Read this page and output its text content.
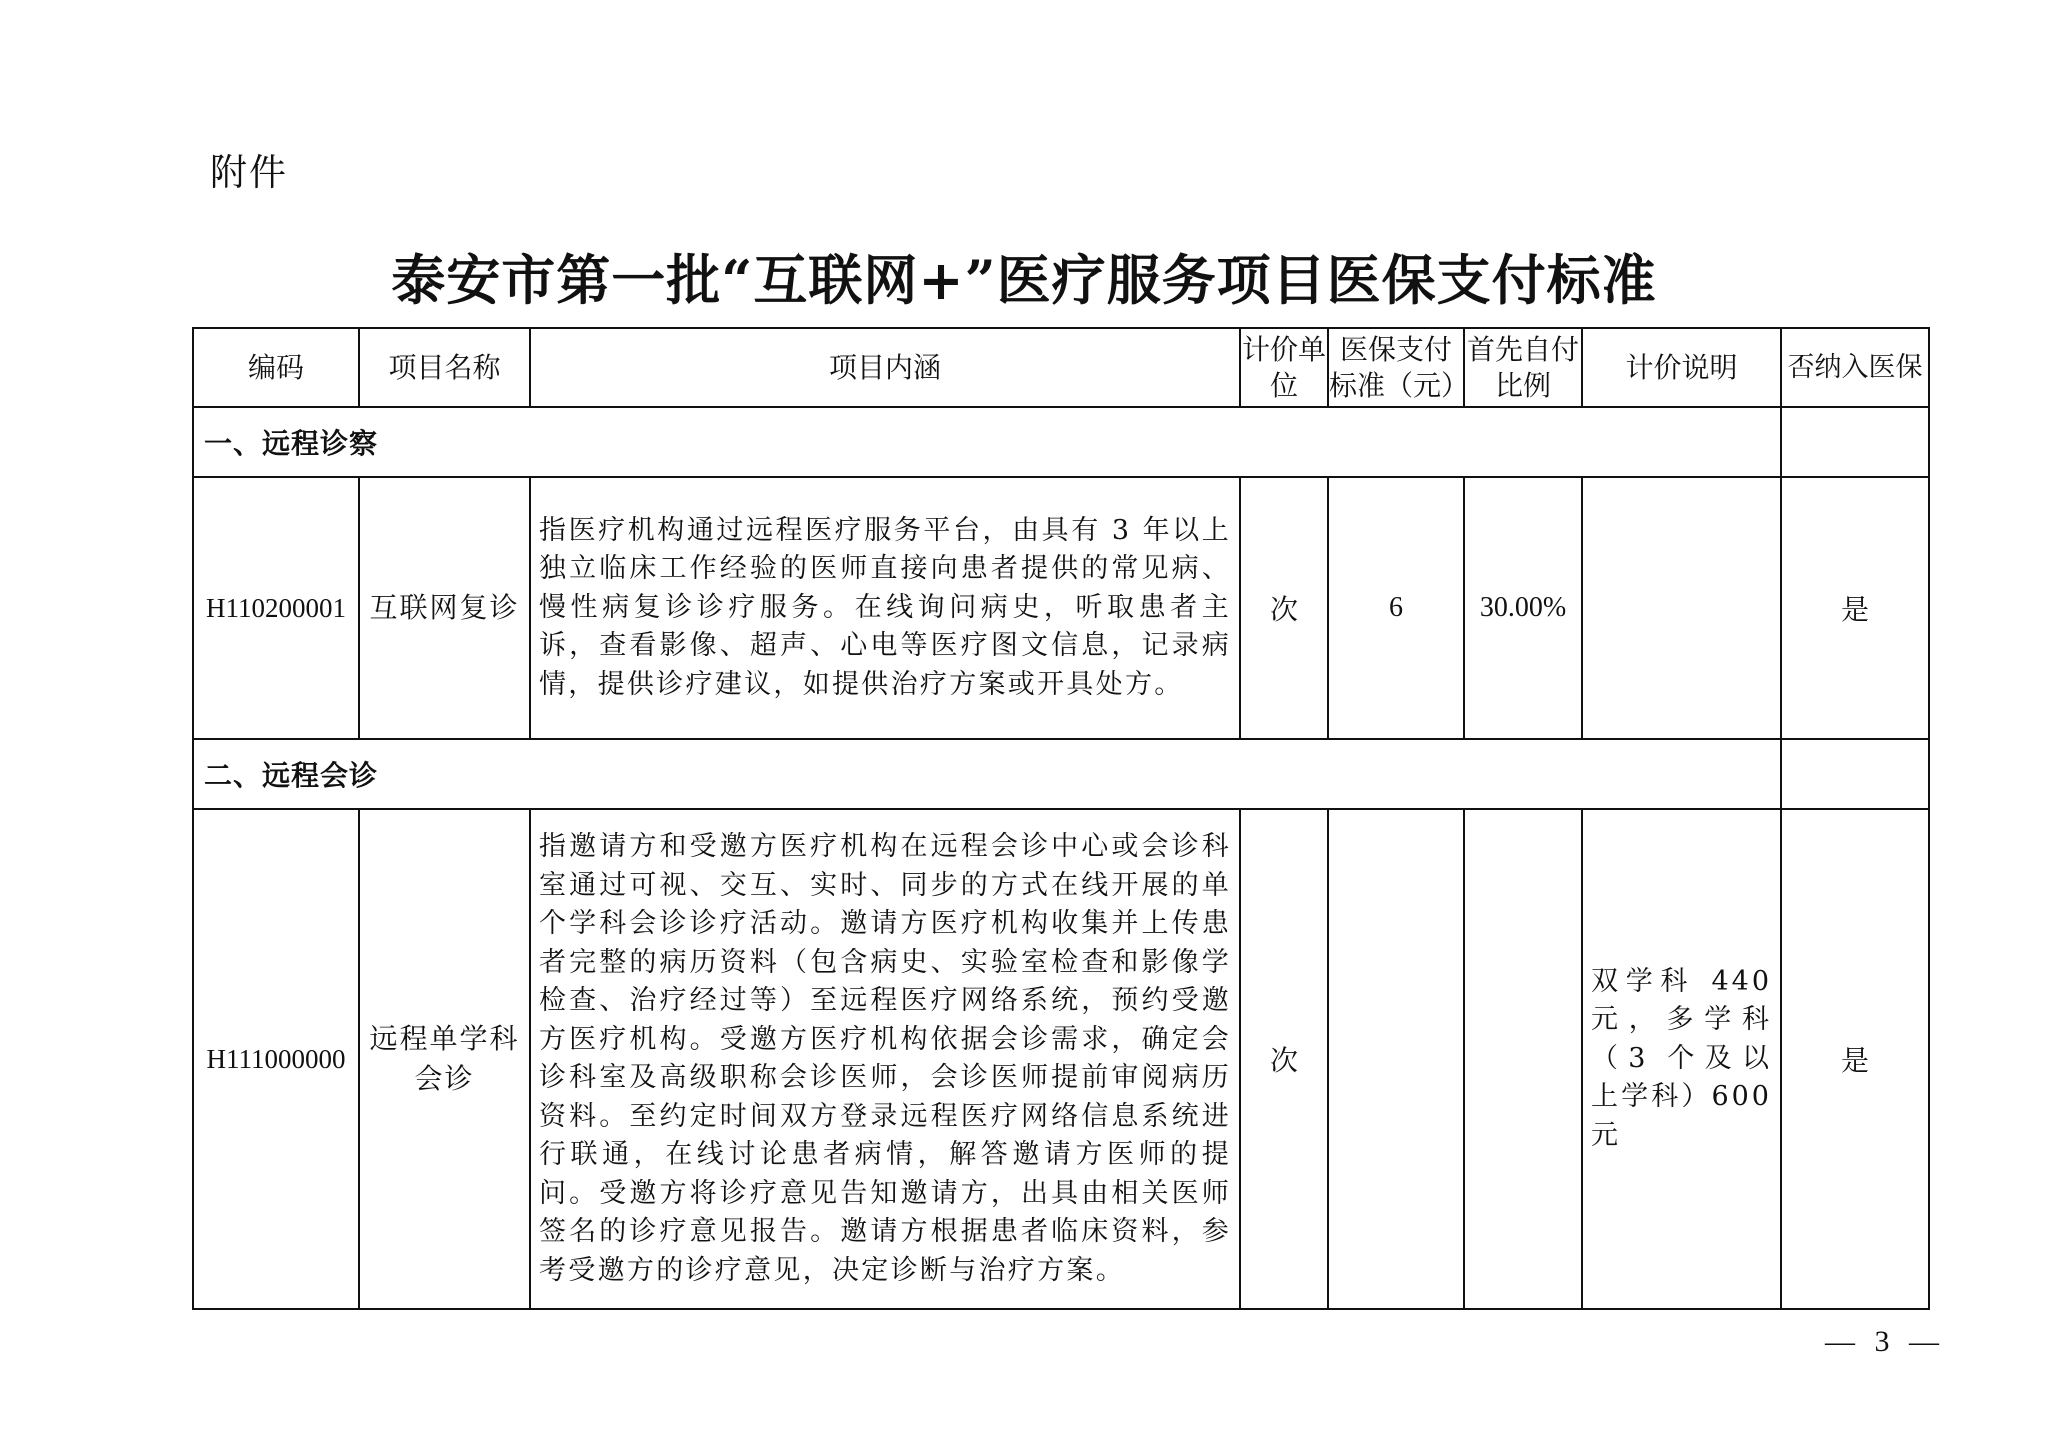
附件
泰安市第一批“互联网+”医疗服务项目医保支付标准
编码	项目名称	项目内涵	计价单位	医保支付标准（元）	首先自付比例	计价说明	否纳入医保
一、远程诊察							
H110200001	互联网复诊	指医疗机构通过远程医疗服务平台，由具有 3 年以上独立临床工作经验的医师直接向患者提供的常见病、慢性病复诊诊疗服务。在线询问病史，听取患者主诉，查看影像、超声、心电等医疗图文信息，记录病情，提供诊疗建议，如提供治疗方案或开具处方。	次	6	30.00%		是
二、远程会诊							
H111000000	远程单学科会诊	指邀请方和受邀方医疗机构在远程会诊中心或会诊科室通过可视、交互、实时、同步的方式在线开展的单个学科会诊诊疗活动。邀请方医疗机构收集并上传患者完整的病历资料（包含病史、实验室检查和影像学检查、治疗经过等）至远程医疗网络系统，预约受邀方医疗机构。受邀方医疗机构依据会诊需求，确定会诊科室及高级职称会诊医师，会诊医师提前审阅病历资料。至约定时间双方登录远程医疗网络信息系统进行联通，在线讨论患者病情，解答邀请方医师的提问。受邀方将诊疗意见告知邀请方，出具由相关医师签名的诊疗意见报告。邀请方根据患者临床资料，参考受邀方的诊疗意见，决定诊断与治疗方案。	次			双学科 440 元，多学科（3 个及以上学科）600 元	是
— 3 —
